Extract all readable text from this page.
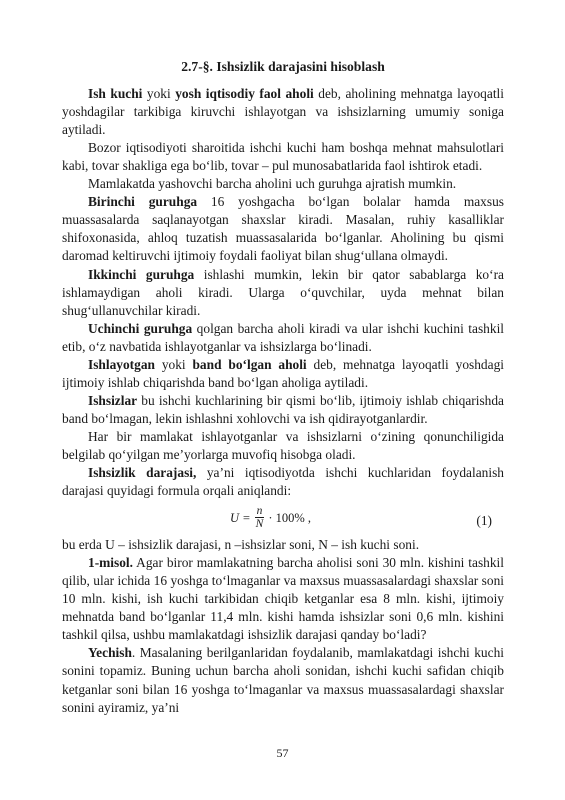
2.7-§. Ishsizlik darajasini hisoblash

Ish kuchi yoki yosh iqtisodiy faol aholi deb, aholining mehnatga layoqatli yoshdagilar tarkibiga kiruvchi ishlayotgan va ishsizlarning umumiy soniga aytiladi.

Bozor iqtisodiyoti sharoitida ishchi kuchi ham boshqa mehnat mahsulotlari kabi, tovar shakliga ega bo‘lib, tovar – pul munosabatlarida faol ishtirok etadi.

Mamlakatda yashovchi barcha aholini uch guruhga ajratish mumkin.

Birinchi guruhga 16 yoshgacha bo‘lgan bolalar hamda maxsus muassasalarda saqlanayotgan shaxslar kiradi. Masalan, ruhiy kasalliklar shifoxonasida, ahloq tuzatish muassasalarida bo‘lganlar. Aholining bu qismi daromad keltiruvchi ijtimoiy foydali faoliyat bilan shug‘ullana olmaydi.

Ikkinchi guruhga ishlashi mumkin, lekin bir qator sabablarga ko‘ra ishlamaydigan aholi kiradi. Ularga o‘quvchilar, uyda mehnat bilan shug‘ullanuvchilar kiradi.

Uchinchi guruhga qolgan barcha aholi kiradi va ular ishchi kuchini tashkil etib, o‘z navbatida ishlayotganlar va ishsizlarga bo‘linadi.

Ishlayotgan yoki band bo‘lgan aholi deb, mehnatga layoqatli yoshdagi ijtimoiy ishlab chiqarishda band bo‘lgan aholiga aytiladi.

Ishsizlar bu ishchi kuchlarining bir qismi bo‘lib, ijtimoiy ishlab chiqarishda band bo‘lmagan, lekin ishlashni xohlovchi va ish qidirayotganlardir.

Har bir mamlakat ishlayotganlar va ishsizlarni o‘zining qonunchiligida belgilab qo‘yilgan me’yorlarga muvofiq hisobga oladi.

Ishsizlik darajasi, ya’ni iqtisodiyotda ishchi kuchlaridan foydalanish darajasi quyidagi formula orqali aniqlandi:

$U = \frac{n}{N} \cdot 100\%$ ,	(1)

bu erda U – ishsizlik darajasi, n –ishsizlar soni, N – ish kuchi soni.

1-misol. Agar biror mamlakatning barcha aholisi soni 30 mln. kishini tashkil qilib, ular ichida 16 yoshga to‘lmaganlar va maxsus muassasalardagi shaxslar soni 10 mln. kishi, ish kuchi tarkibidan chiqib ketganlar esa 8 mln. kishi, ijtimoiy mehnatda band bo‘lganlar 11,4 mln. kishi hamda ishsizlar soni 0,6 mln. kishini tashkil qilsa, ushbu mamlakatdagi ishsizlik darajasi qanday bo‘ladi?

Yechish. Masalaning berilganlaridan foydalanib, mamlakatdagi ishchi kuchi sonini topamiz. Buning uchun barcha aholi sonidan, ishchi kuchi safidan chiqib ketganlar soni bilan 16 yoshga to‘lmaganlar va maxsus muassasalardagi shaxslar sonini ayiramiz, ya’ni

57
